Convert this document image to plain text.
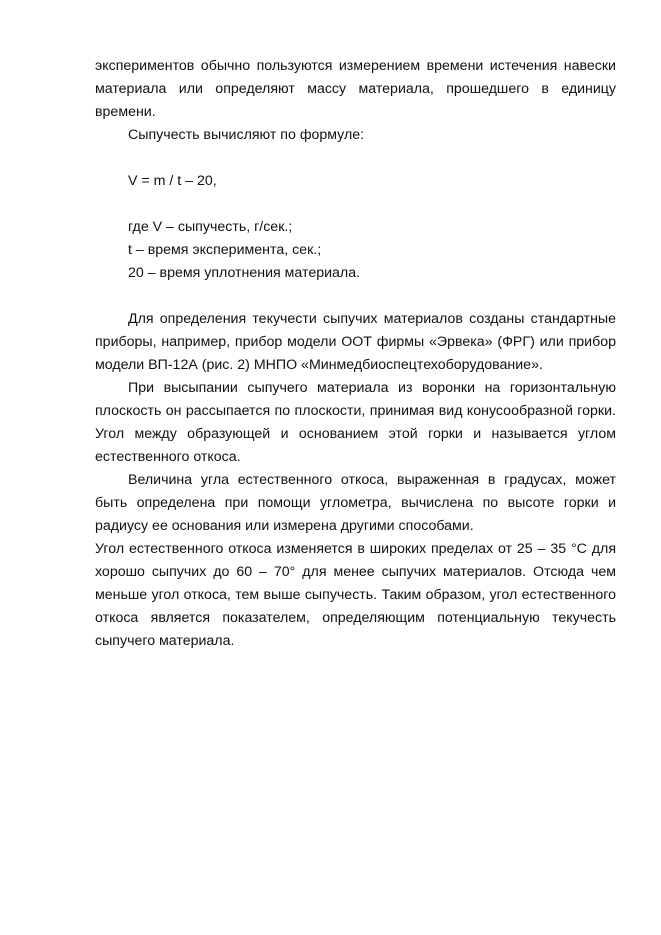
экспериментов обычно пользуются измерением времени истечения навески материала или определяют массу материала, прошедшего в единицу времени.

Сыпучесть вычисляют по формуле:

V = m / t – 20,

где V – сыпучесть, г/сек.;

t – время эксперимента, сек.;

20 – время уплотнения материала.

Для определения текучести сыпучих материалов созданы стандартные приборы, например, прибор модели ООТ фирмы «Эрвека» (ФРГ) или прибор модели ВП-12А (рис. 2) МНПО «Минмедбиоспецтехоборудование».

При высыпании сыпучего материала из воронки на горизонтальную плоскость он рассыпается по плоскости, принимая вид конусообразной горки. Угол между образующей и основанием этой горки и называется углом естественного откоса.

Величина угла естественного откоса, выраженная в градусах, может быть определена при помощи углометра, вычислена по высоте горки и радиусу ее основания или измерена другими способами.

Угол естественного откоса изменяется в широких пределах от 25 – 35 °С для хорошо сыпучих до 60 – 70° для менее сыпучих материалов. Отсюда чем меньше угол откоса, тем выше сыпучесть. Таким образом, угол естественного откоса является показателем, определяющим потенциальную текучесть сыпучего материала.
